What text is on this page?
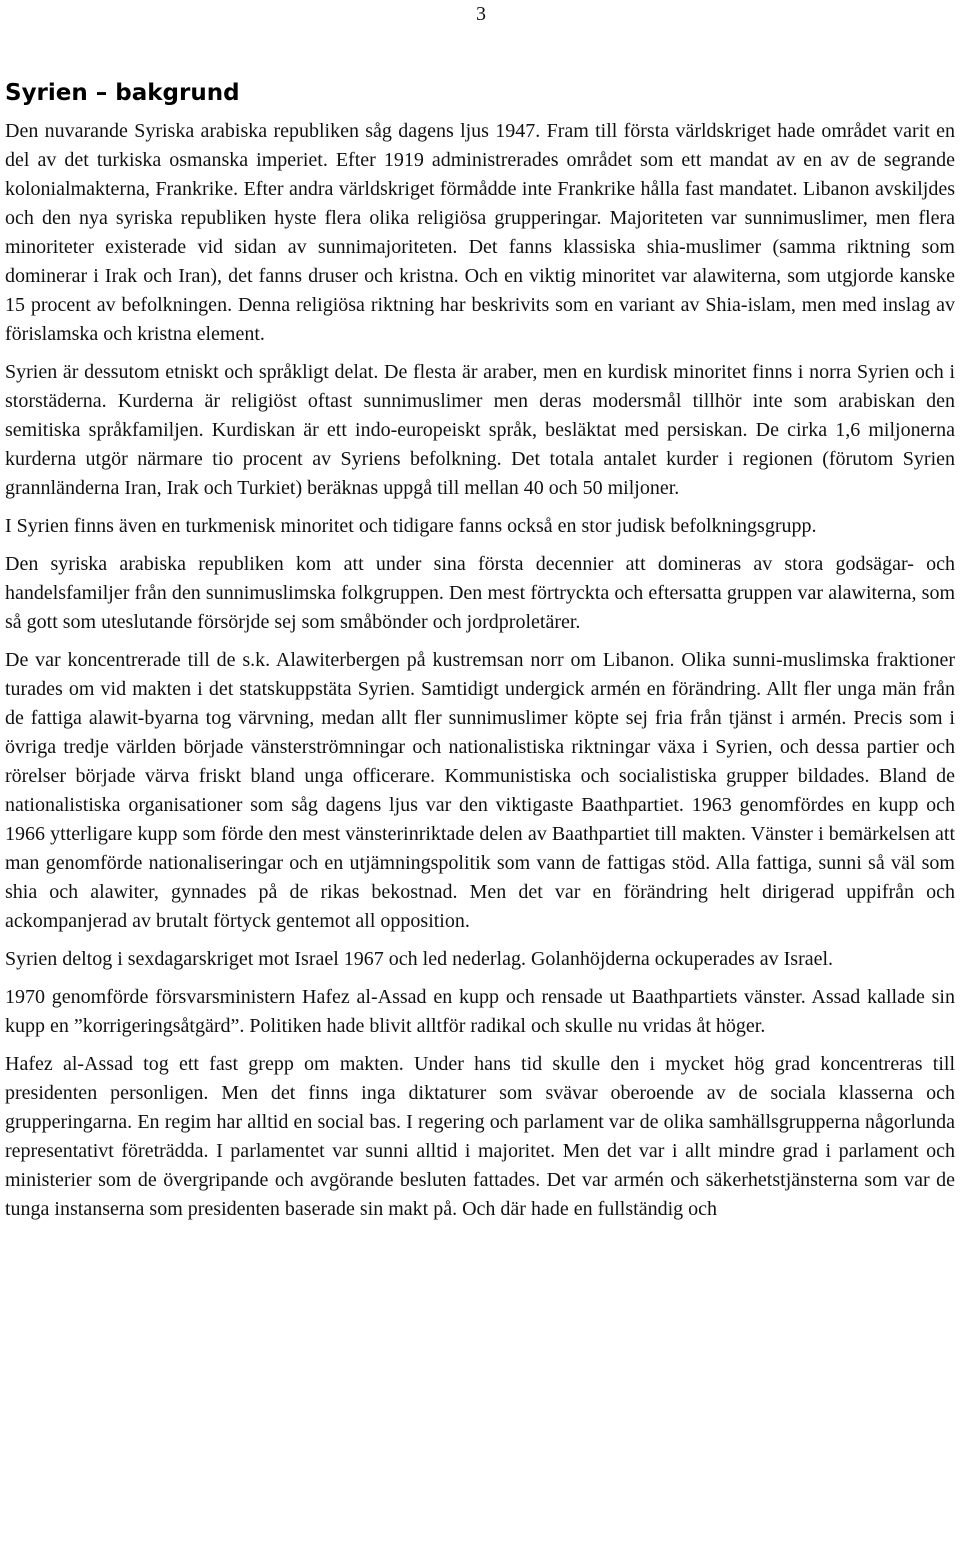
3
Syrien – bakgrund

Den nuvarande Syriska arabiska republiken såg dagens ljus 1947. Fram till första världskriget hade området varit en del av det turkiska osmanska imperiet. Efter 1919 administrerades området som ett mandat av en av de segrande kolonialmakterna, Frankrike. Efter andra världskriget förmådde inte Frankrike hålla fast mandatet. Libanon avskiljdes och den nya syriska republiken hyste flera olika religiösa grupperingar. Majoriteten var sunnimuslimer, men flera minoriteter existerade vid sidan av sunnimajoriteten. Det fanns klassiska shia-muslimer (samma riktning som dominerar i Irak och Iran), det fanns druser och kristna. Och en viktig minoritet var alawiterna, som utgjorde kanske 15 procent av befolkningen. Denna religiösa riktning har beskrivits som en variant av Shia-islam, men med inslag av förislamska och kristna element.

Syrien är dessutom etniskt och språkligt delat. De flesta är araber, men en kurdisk minoritet finns i norra Syrien och i storstäderna. Kurderna är religiöst oftast sunnimuslimer men deras modersmål tillhör inte som arabiskan den semitiska språkfamiljen. Kurdiskan är ett indo-europeiskt språk, besläktat med persiskan. De cirka 1,6 miljonerna kurderna utgör närmare tio procent av Syriens befolkning. Det totala antalet kurder i regionen (förutom Syrien grannländerna Iran, Irak och Turkiet) beräknas uppgå till mellan 40 och 50 miljoner.

I Syrien finns även en turkmenisk minoritet och tidigare fanns också en stor judisk befolkningsgrupp.

Den syriska arabiska republiken kom att under sina första decennier att domineras av stora godsägar- och handelsfamiljer från den sunnimuslimska folkgruppen. Den mest förtryckta och eftersatta gruppen var alawiterna, som så gott som uteslutande försörjde sej som småbönder och jordproletärer.

De var koncentrerade till de s.k. Alawiterbergen på kustremsan norr om Libanon. Olika sunni-muslimska fraktioner turades om vid makten i det statskuppstäta Syrien. Samtidigt undergick armén en förändring. Allt fler unga män från de fattiga alawit-byarna tog värvning, medan allt fler sunnimuslimer köpte sej fria från tjänst i armén. Precis som i övriga tredje världen började vänsterströmningar och nationalistiska riktningar växa i Syrien, och dessa partier och rörelser började värva friskt bland unga officerare. Kommunistiska och socialistiska grupper bildades. Bland de nationalistiska organisationer som såg dagens ljus var den viktigaste Baathpartiet. 1963 genomfördes en kupp och 1966 ytterligare kupp som förde den mest vänsterinriktade delen av Baathpartiet till makten. Vänster i bemärkelsen att man genomförde nationaliseringar och en utjämningspolitik som vann de fattigas stöd. Alla fattiga, sunni så väl som shia och alawiter, gynnades på de rikas bekostnad. Men det var en förändring helt dirigerad uppifrån och ackompanjerad av brutalt förtyck gentemot all opposition.

Syrien deltog i sexdagarskriget mot Israel 1967 och led nederlag. Golanhöjderna ockuperades av Israel.

1970 genomförde försvarsministern Hafez al-Assad en kupp och rensade ut Baathpartiets vänster. Assad kallade sin kupp en ”korrigeringsåtgärd”. Politiken hade blivit alltför radikal och skulle nu vridas åt höger.

Hafez al-Assad tog ett fast grepp om makten. Under hans tid skulle den i mycket hög grad koncentreras till presidenten personligen. Men det finns inga diktaturer som svävar oberoende av de sociala klasserna och grupperingarna. En regim har alltid en social bas. I regering och parlament var de olika samhällsgrupperna någorlunda representativt företrädda. I parlamentet var sunni alltid i majoritet. Men det var i allt mindre grad i parlament och ministerier som de övergripande och avgörande besluten fattades. Det var armén och säkerhetstjänsterna som var de tunga instanserna som presidenten baserade sin makt på. Och där hade en fullständig och
